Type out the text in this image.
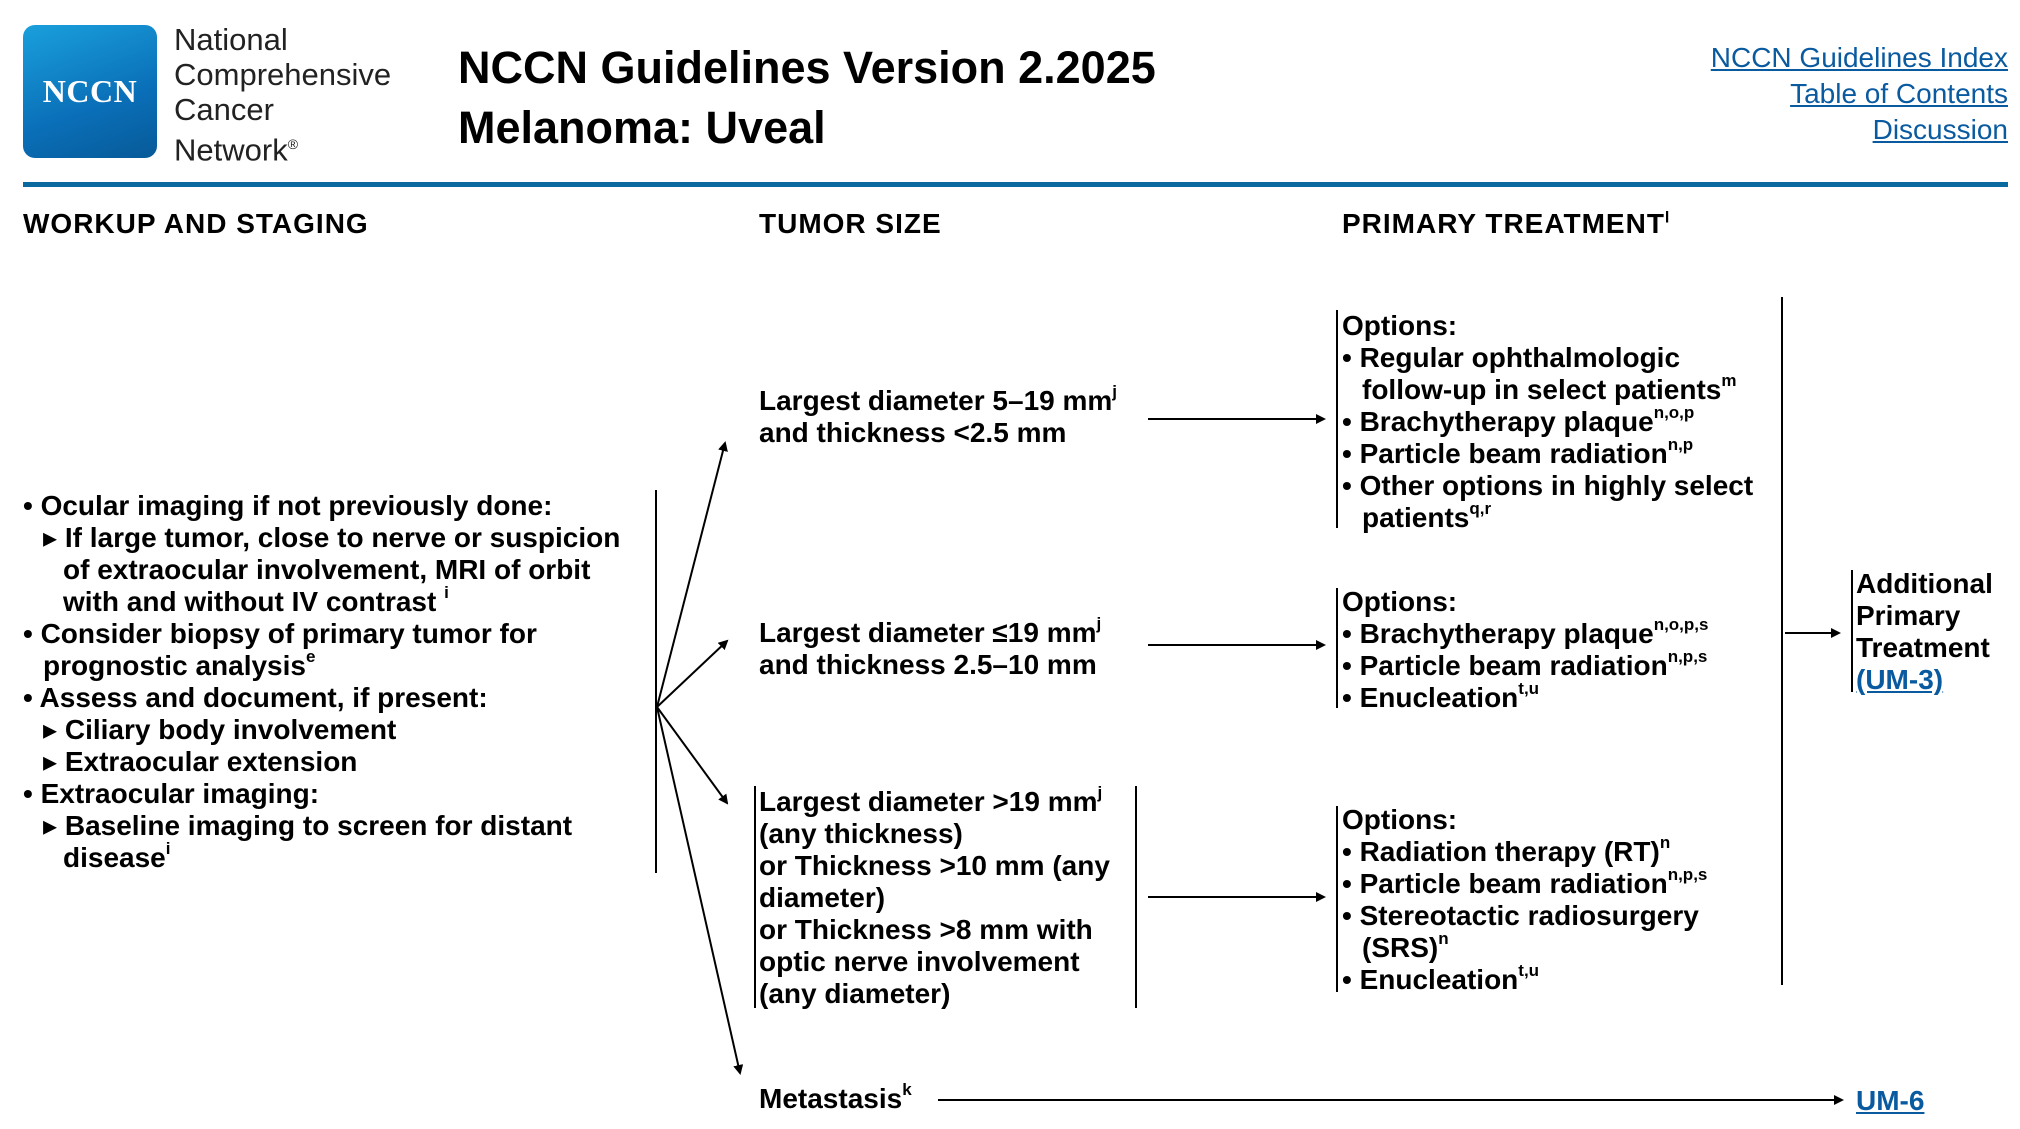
NCCN
National
Comprehensive
Cancer
Network®
NCCN Guidelines Version 2.2025
Melanoma: Uveal
NCCN Guidelines Index
Table of Contents
Discussion
WORKUP AND STAGING	TUMOR SIZE	PRIMARY TREATMENT$^l$
• Ocular imaging if not previously done:
▸ If large tumor, close to nerve or suspicion
of extraocular involvement, MRI of orbit
with and without IV contrast $^i$
• Consider biopsy of primary tumor for
prognostic analysis$^e$
• Assess and document, if present:
▸ Ciliary body involvement
▸ Extraocular extension
• Extraocular imaging:
▸ Baseline imaging to screen for distant
disease$^i$
Largest diameter 5–19 $mm^j$
and thickness <2.5 mm
Largest diameter ≤19 $mm^j$
and thickness 2.5–10 mm
Largest diameter >19 $mm^j$
(any thickness)
or Thickness >10 mm (any
diameter)
or Thickness >8 mm with
optic nerve involvement
(any diameter)
Metastasis$^k$
Options:
• Regular ophthalmologic
follow-up in select patients$^m$
• Brachytherapy plaque$^{n,o,p}$
• Particle beam radiation$^{n,p}$
• Other options in highly select
patients$^{q,r}$
Options:
• Brachytherapy plaque$^{n,o,p,s}$
• Particle beam radiation$^{n,p,s}$
• Enucleation$^{t,u}$
Options:
• Radiation therapy (RT)$^n$
• Particle beam radiation$^{n,p,s}$
• Stereotactic radiosurgery
(SRS)$^n$
• Enucleation$^{t,u}$
Additional
Primary
Treatment
(UM-3)
UM-6
